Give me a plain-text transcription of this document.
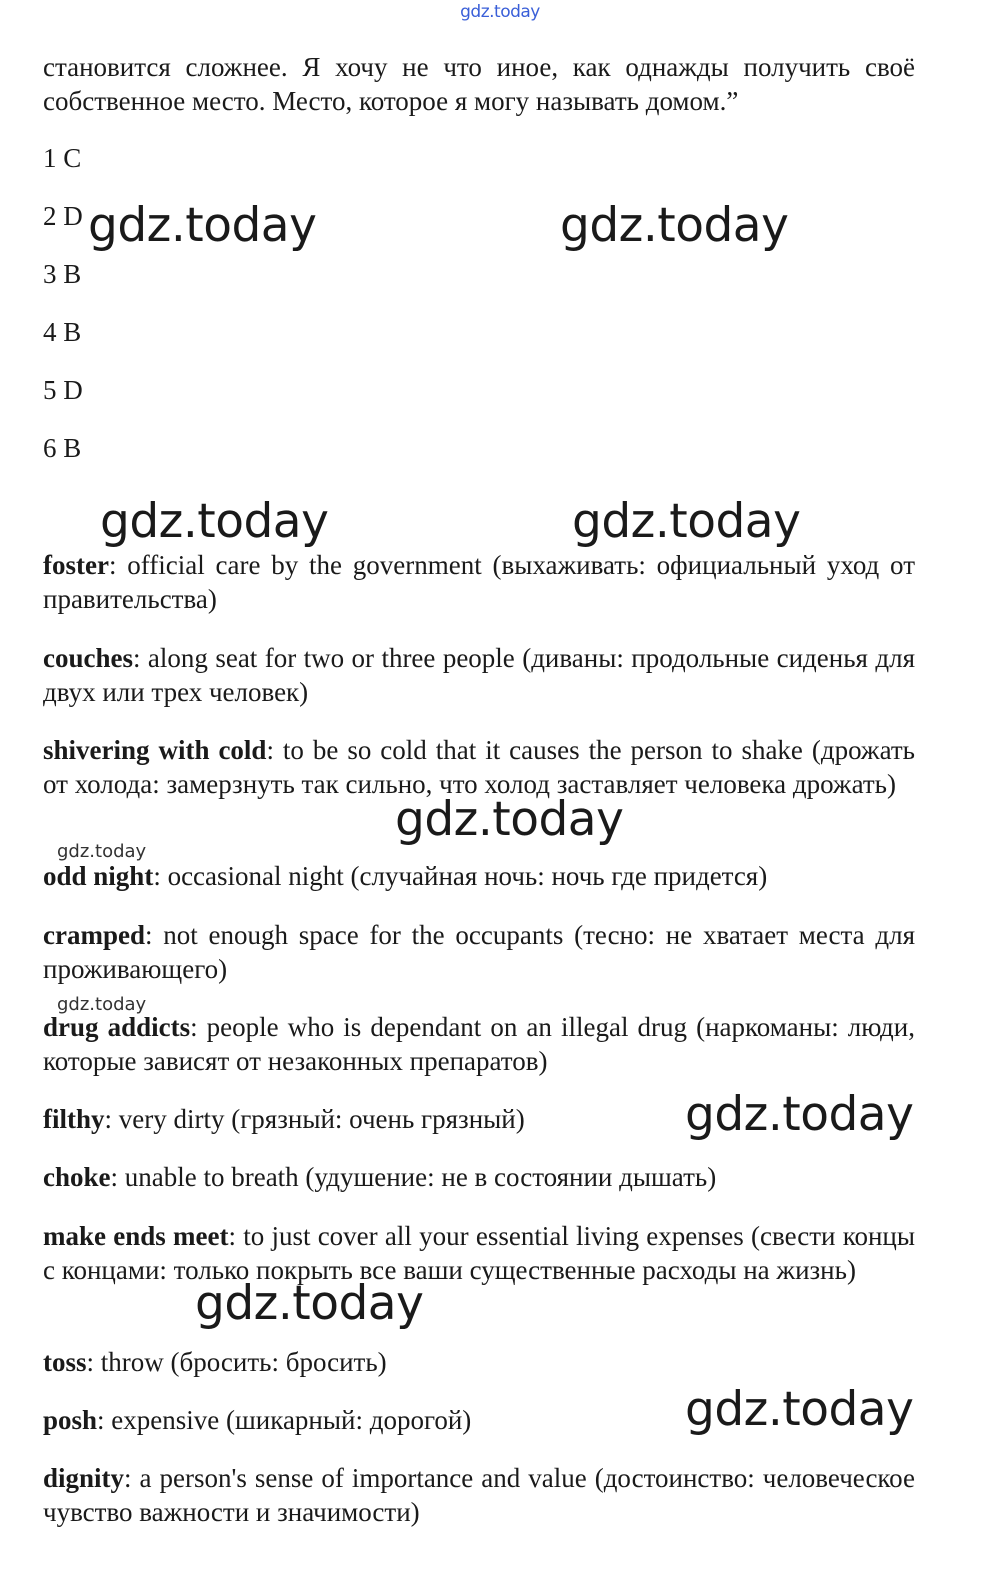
gdz.today

становится сложнее. Я хочу не что иное, как однажды получить своё собственное место. Место, которое я могу называть домом.”

1 C

2 D

3 B

4 B

5 D

6 B

foster: official care by the government (выхаживать: официальный уход от правительства)

couches: along seat for two or three people (диваны: продольные сиденья для двух или трех человек)

shivering with cold: to be so cold that it causes the person to shake (дрожать от холода: замерзнуть так сильно, что холод заставляет человека дрожать)

odd night: occasional night (случайная ночь: ночь где придется)

cramped: not enough space for the occupants (тесно: не хватает места для проживающего)

drug addicts: people who is dependant on an illegal drug (наркоманы: люди, которые зависят от незаконных препаратов)

filthy: very dirty (грязный: очень грязный)

choke: unable to breath (удушение: не в состоянии дышать)

make ends meet: to just cover all your essential living expenses (свести концы с концами: только покрыть все ваши существенные расходы на жизнь)

toss: throw (бросить: бросить)

posh: expensive (шикарный: дорогой)

dignity: a person's sense of importance and value (достоинство: человеческое чувство важности и значимости)

gdz.today	gdz.today
gdz.today	gdz.today
gdz.today
gdz.today
gdz.today
gdz.today
gdz.today
gdz.today
